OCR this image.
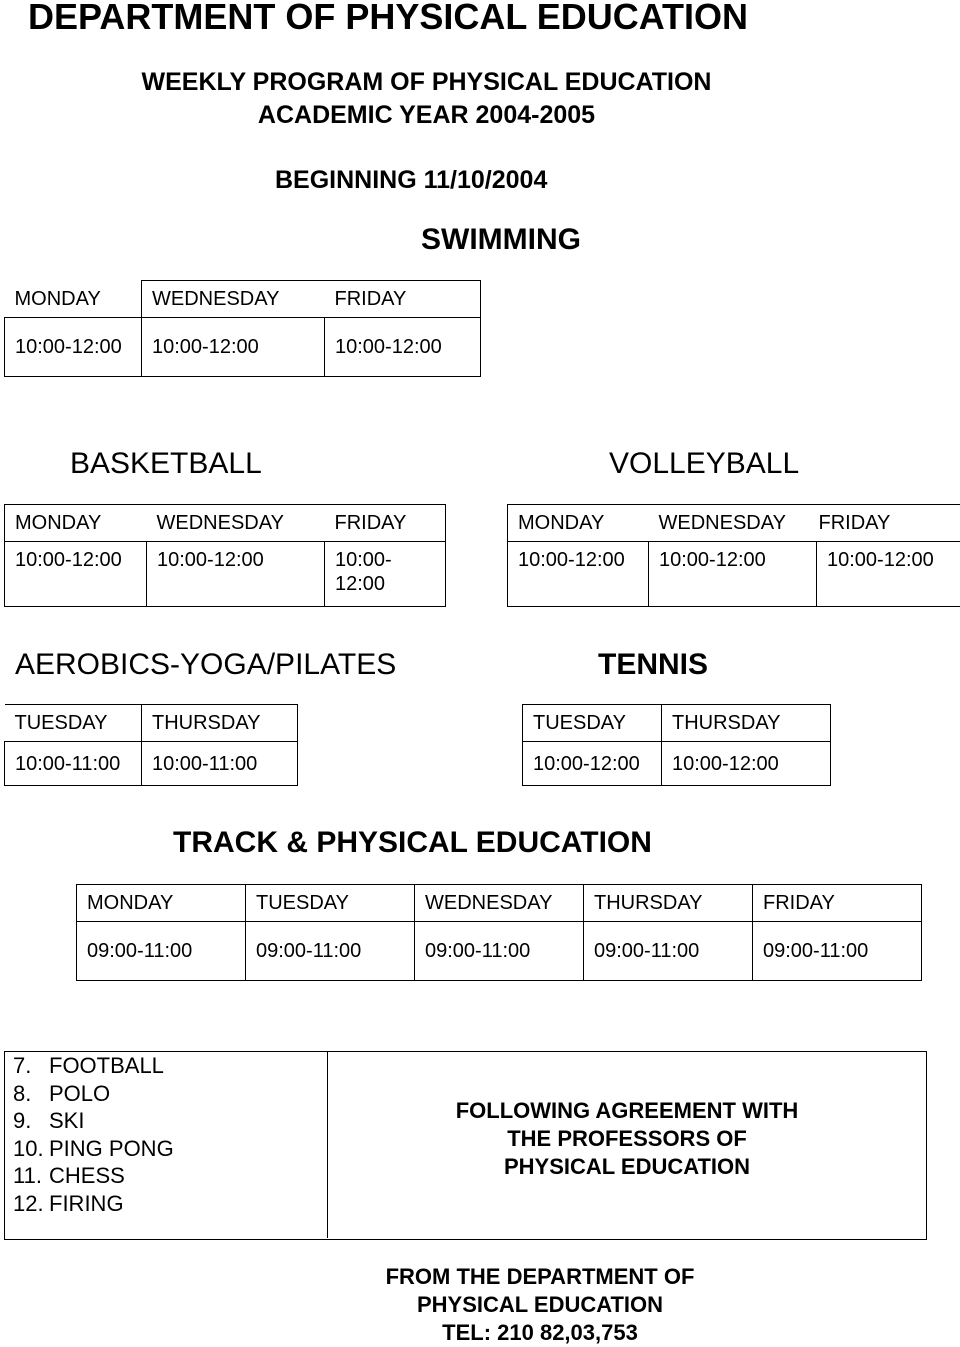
DEPARTMENT OF PHYSICAL EDUCATION
WEEKLY PROGRAM OF PHYSICAL EDUCATION
ACADEMIC YEAR 2004-2005
BEGINNING 11/10/2004
SWIMMING
MONDAY	WEDNESDAY	FRIDAY
10:00-12:00	10:00-12:00	10:00-12:00
BASKETBALL
MONDAY	WEDNESDAY	FRIDAY
10:00-12:00	10:00-12:00	10:00-
12:00
VOLLEYBALL
MONDAY	WEDNESDAY	FRIDAY
10:00-12:00	10:00-12:00	10:00-12:00
AEROBICS-YOGA/PILATES
TUESDAY	THURSDAY
10:00-11:00	10:00-11:00
TENNIS
TUESDAY	THURSDAY
10:00-12:00	10:00-12:00
TRACK & PHYSICAL EDUCATION
MONDAY	TUESDAY	WEDNESDAY	THURSDAY	FRIDAY
09:00-11:00	09:00-11:00	09:00-11:00	09:00-11:00	09:00-11:00
7. FOOTBALL
8. POLO
9. SKI
10. PING PONG
11. CHESS
12. FIRING
FOLLOWING AGREEMENT WITH
THE PROFESSORS OF
PHYSICAL EDUCATION
FROM THE DEPARTMENT OF
PHYSICAL EDUCATION
TEL: 210 82,03,753
